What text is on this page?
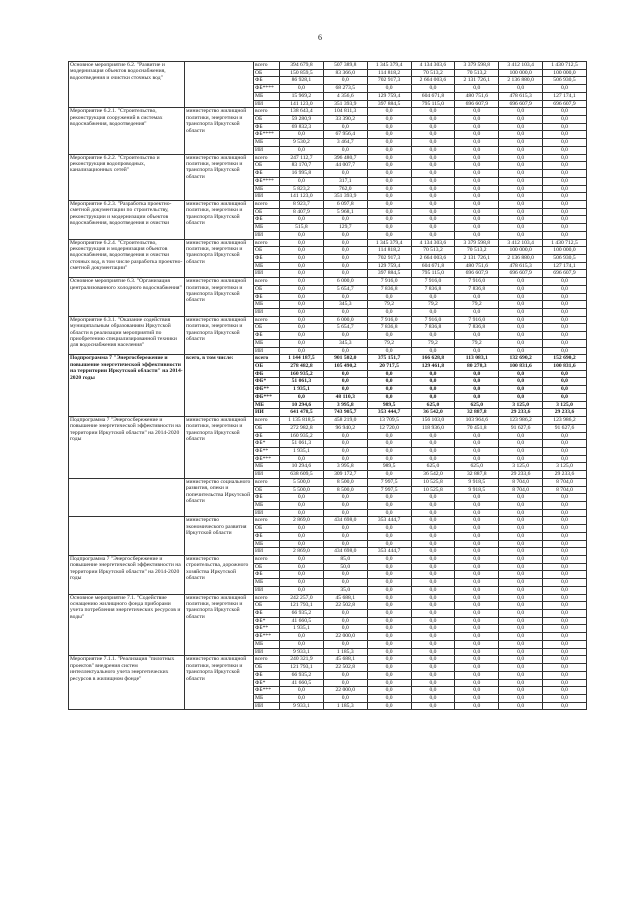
6
Основное мероприятие 6.2. "Развитие и модернизация объектов водоснабжения, водоотведения и очистки сточных вод"		всего	394 679,8	507 389,8	1 345 379,4	4 134 303,6	3 379 598,8	3 412 103,4	1 430 712,5
		ОБ	150 859,5	83 366,0	114 818,2	70 513,2	70 513,2	100 000,0	100 000,0
		ФБ	86 928,1	0,0	702 917,3	2 664 003,6	2 131 726,1	2 136 880,0	506 930,5
		ФБ****	0,0	68 273,5	0,0	0,0	0,0	0,0	0,0
		МБ	15 969,2	4 356,6	129 759,4	604 671,8	480 751,6	478 615,3	127 174,1
		ИИ	141 123,0	351 393,9	397 884,5	795 115,0	696 607,9	696 607,9	696 607,9
Мероприятие 6.2.1. "Строительство, реконструкция сооружений в системах водоснабжения, водоотведения"	министерство жилищной политики, энергетики и транспорта Иркутской области	всего	138 643,4	104 811,3	0,0	0,0	0,0	0,0	0,0
		ОБ	59 280,9	33 390,2	0,0	0,0	0,0	0,0	0,0
		ФБ	69 832,3	0,0	0,0	0,0	0,0	0,0	0,0
		ФБ****	0,0	67 956,4	0,0	0,0	0,0	0,0	0,0
		МБ	9 530,2	3 464,7	0,0	0,0	0,0	0,0	0,0
		ИИ	0,0	0,0	0,0	0,0	0,0	0,0	0,0
Мероприятие 6.2.2. "Строительство и реконструкция водопроводных, канализационных сетей"	министерство жилищной политики, энергетики и транспорта Иркутской области	всего	247 112,7	396 480,7	0,0	0,0	0,0	0,0	0,0
		ОБ	83 170,7	44 007,7	0,0	0,0	0,0	0,0	0,0
		ФБ	16 995,8	0,0	0,0	0,0	0,0	0,0	0,0
		ФБ****	0,0	317,1	0,0	0,0	0,0	0,0	0,0
		МБ	5 823,2	762,0	0,0	0,0	0,0	0,0	0,0
		ИИ	141 123,0	351 393,9	0,0	0,0	0,0	0,0	0,0
Мероприятие 6.2.3. "Разработка проектно-сметной документации по строительству, реконструкции и модернизации объектов водоснабжения, водоотведения и очистки	министерство жилищной политики, энергетики и транспорта Иркутской области	всего	8 923,7	6 097,8	0,0	0,0	0,0	0,0	0,0
		ОБ	8 407,9	5 968,1	0,0	0,0	0,0	0,0	0,0
		ФБ	0,0	0,0	0,0	0,0	0,0	0,0	0,0
		МБ	515,8	129,7	0,0	0,0	0,0	0,0	0,0
		ИИ	0,0	0,0	0,0	0,0	0,0	0,0	0,0
Мероприятие 6.2.4. "Строительство, реконструкция и модернизация объектов водоснабжения, водоотведения и очистки сточных вод, в том числе разработка проектно-сметной документации"	министерство жилищной политики, энергетики и транспорта Иркутской области	всего	0,0	0,0	1 345 379,4	4 134 303,6	3 379 598,8	3 412 103,4	1 430 712,5
		ОБ	0,0	0,0	114 818,2	70 513,2	70 513,2	100 000,0	100 000,0
		ФБ	0,0	0,0	702 917,3	2 664 003,6	2 131 726,1	2 136 880,0	506 930,5
		МБ	0,0	0,0	129 759,4	604 671,8	480 751,6	478 615,3	127 174,1
		ИИ	0,0	0,0	397 884,5	795 115,0	696 607,9	696 607,9	696 607,9
Основное мероприятие 6.3. "Организация централизованного холодного водоснабжения"	министерство жилищной политики, энергетики и транспорта Иркутской области	всего	0,0	6 000,0	7 916,0	7 916,0	7 916,0	0,0	0,0
		ОБ	0,0	5 654,7	7 836,8	7 836,8	7 836,8	0,0	0,0
		ФБ	0,0	0,0	0,0	0,0	0,0	0,0	0,0
		МБ	0,0	345,3	79,2	79,2	79,2	0,0	0,0
		ИИ	0,0	0,0	0,0	0,0	0,0	0,0	0,0
Мероприятие 6.3.1. "Оказание содействия муниципальным образованиям Иркутской области в реализации мероприятий по приобретению специализированной техники для водоснабжения населения"	министерство жилищной политики, энергетики и транспорта Иркутской области	всего	0,0	6 000,0	7 916,0	7 916,0	7 916,0	0,0	0,0
		ОБ	0,0	5 654,7	7 836,8	7 836,8	7 836,8	0,0	0,0
		ФБ	0,0	0,0	0,0	0,0	0,0	0,0	0,0
		МБ	0,0	345,3	79,2	79,2	79,2	0,0	0,0
		ИИ	0,0	0,0	0,0	0,0	0,0	0,0	0,0
Подпрограмма 7 "Энергосбережение и повышение энергетической эффективности на территории Иркутской области" на 2014-2020 годы	всего, в том числе:	всего	1 144 187,5	901 502,0	375 151,7	166 628,8	113 083,1	132 690,2	152 690,2
		ОБ	278 482,8	105 490,2	20 717,5	129 461,8	80 278,3	100 831,6	100 831,6
		ФБ	160 935,2	0,0	0,0	0,0	0,0	0,0	0,0
		ФБ*	51 061,3	0,0	0,0	0,0	0,0	0,0	0,0
		ФБ**	1 935,1	0,0	0,0	0,0	0,0	0,0	0,0
		ФБ***	0,0	48 110,3	0,0	0,0	0,0	0,0	0,0
		МБ	10 294,6	3 995,8	989,5	625,0	625,0	3 125,0	3 125,0
		ИИ	641 478,5	743 905,7	353 444,7	36 542,0	32 887,8	29 233,6	29 233,6
Подпрограмма 7 "Энергосбережение и повышение энергетической эффективности на территории Иркутской области" на 2014-2020 годы	министерство жилищной политики, энергетики и транспорта Иркутской области	всего	1 135 818,5	458 219,0	13 709,5	156 103,0	103 964,6	123 986,2	123 986,2
		ОБ	272 982,8	96 940,2	12 720,0	118 936,0	70 451,8	91 627,6	91 627,6
		ФБ	160 935,2	0,0	0,0	0,0	0,0	0,0	0,0
		ФБ*	51 061,3	0,0	0,0	0,0	0,0	0,0	0,0
		ФБ**	1 935,1	0,0	0,0	0,0	0,0	0,0	0,0
		ФБ***	0,0	0,0	0,0	0,0	0,0	0,0	0,0
		МБ	10 294,6	3 995,8	989,5	625,0	625,0	3 125,0	3 125,0
		ИИ	638 609,5	309 172,7	0,0	36 542,0	32 887,8	29 233,6	29 233,6
	министерство социального развития, опеки и попечительства Иркутской области	всего	5 500,0	8 500,0	7 997,5	10 525,8	9 918,5	8 704,0	8 704,0
		ОБ	5 500,0	8 500,0	7 997,5	10 525,8	9 918,5	8 704,0	8 704,0
		ФБ	0,0	0,0	0,0	0,0	0,0	0,0	0,0
		МБ	0,0	0,0	0,0	0,0	0,0	0,0	0,0
		ИИ	0,0	0,0	0,0	0,0	0,0	0,0	0,0
	министерство экономического развития Иркутской области	всего	2 869,0	434 698,0	353 444,7	0,0	0,0	0,0	0,0
		ОБ	0,0	0,0	0,0	0,0	0,0	0,0	0,0
		ФБ	0,0	0,0	0,0	0,0	0,0	0,0	0,0
		МБ	0,0	0,0	0,0	0,0	0,0	0,0	0,0
		ИИ	2 869,0	434 698,0	353 444,7	0,0	0,0	0,0	0,0
Подпрограмма 7 "Энергосбережение и повышение энергетической эффективности на территории Иркутской области" на 2014-2020 годы	министерство строительства, дорожного хозяйства Иркутской области	всего	0,0	85,0	0,0	0,0	0,0	0,0	0,0
		ОБ	0,0	50,0	0,0	0,0	0,0	0,0	0,0
		ФБ	0,0	0,0	0,0	0,0	0,0	0,0	0,0
		МБ	0,0	0,0	0,0	0,0	0,0	0,0	0,0
		ИИ	0,0	35,0	0,0	0,0	0,0	0,0	0,0
Основное мероприятие 7.1. "Содействие оснащению жилищного фонда приборами учета потребления энергетических ресурсов и воды"	министерство жилищной политики, энергетики и транспорта Иркутской области	всего	242 257,0	45 688,1	0,0	0,0	0,0	0,0	0,0
		ОБ	121 793,1	22 502,8	0,0	0,0	0,0	0,0	0,0
		ФБ	66 935,2	0,0	0,0	0,0	0,0	0,0	0,0
		ФБ*	41 660,5	0,0	0,0	0,0	0,0	0,0	0,0
		ФБ**	1 935,1	0,0	0,0	0,0	0,0	0,0	0,0
		ФБ***	0,0	22 000,0	0,0	0,0	0,0	0,0	0,0
		МБ	0,0	0,0	0,0	0,0	0,0	0,0	0,0
		ИИ	9 933,1	1 185,3	0,0	0,0	0,0	0,0	0,0
Мероприятие 7.1.1. "Реализация "пилотных проектов" внедрения систем интеллектуального учета энергетических ресурсов в жилищном фонде"	министерство жилищной политики, энергетики и транспорта Иркутской области	всего	240 321,9	45 688,1	0,0	0,0	0,0	0,0	0,0
		ОБ	121 793,1	22 502,8	0,0	0,0	0,0	0,0	0,0
		ФБ	66 935,2	0,0	0,0	0,0	0,0	0,0	0,0
		ФБ*	41 660,5	0,0	0,0	0,0	0,0	0,0	0,0
		ФБ***	0,0	22 000,0	0,0	0,0	0,0	0,0	0,0
		МБ	0,0	0,0	0,0	0,0	0,0	0,0	0,0
		ИИ	9 933,1	1 185,3	0,0	0,0	0,0	0,0	0,0
